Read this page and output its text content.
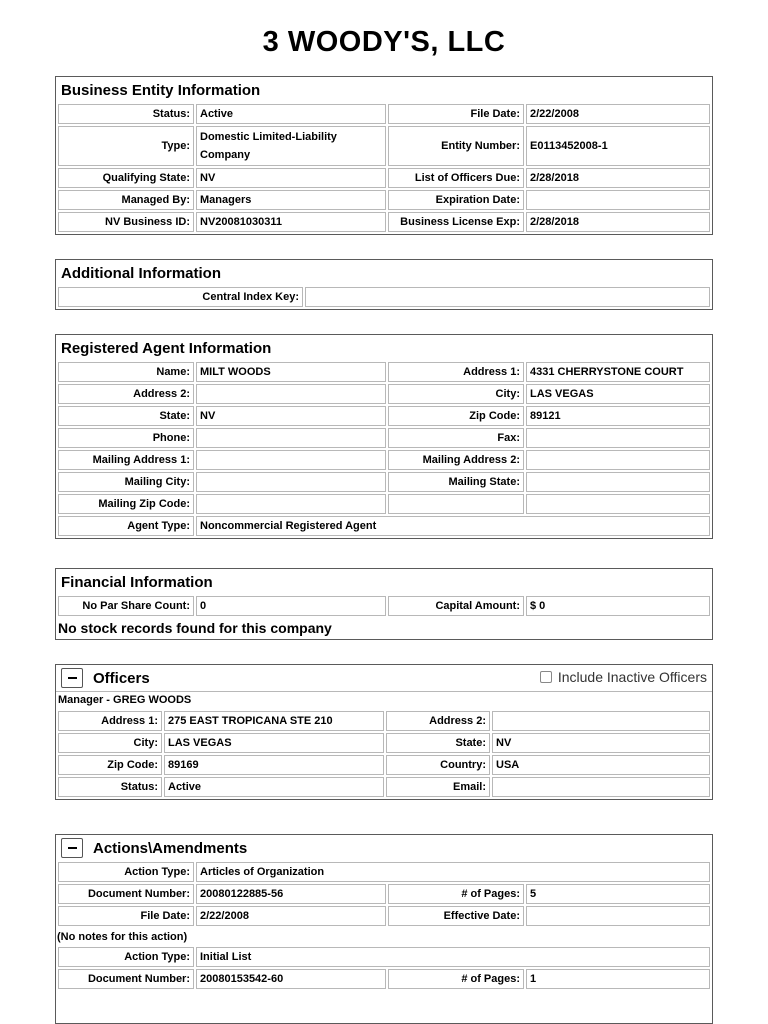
3 WOODY'S, LLC
Business Entity Information
Status:	Active	File Date:	2/22/2008
Type:	Domestic Limited-Liability Company	Entity Number:	E0113452008-1
Qualifying State:	NV	List of Officers Due:	2/28/2018
Managed By:	Managers	Expiration Date:	
NV Business ID:	NV20081030311	Business License Exp:	2/28/2018
Additional Information
Central Index Key:	
Registered Agent Information
Name:	MILT WOODS	Address 1:	4331 CHERRYSTONE COURT
Address 2:		City:	LAS VEGAS
State:	NV	Zip Code:	89121
Phone:		Fax:	
Mailing Address 1:		Mailing Address 2:	
Mailing City:		Mailing State:	
Mailing Zip Code:			
Agent Type:	Noncommercial Registered Agent		
Financial Information
No Par Share Count:	0	Capital Amount:	$ 0
No stock records found for this company
Officers	Include Inactive Officers
Manager - GREG WOODS
Address 1:	275 EAST TROPICANA STE 210	Address 2:	
City:	LAS VEGAS	State:	NV
Zip Code:	89169	Country:	USA
Status:	Active	Email:	
Actions\Amendments
Action Type:	Articles of Organization		
Document Number:	20080122885-56	# of Pages:	5
File Date:	2/22/2008	Effective Date:	
(No notes for this action)
Action Type:	Initial List		
Document Number:	20080153542-60	# of Pages:	1
